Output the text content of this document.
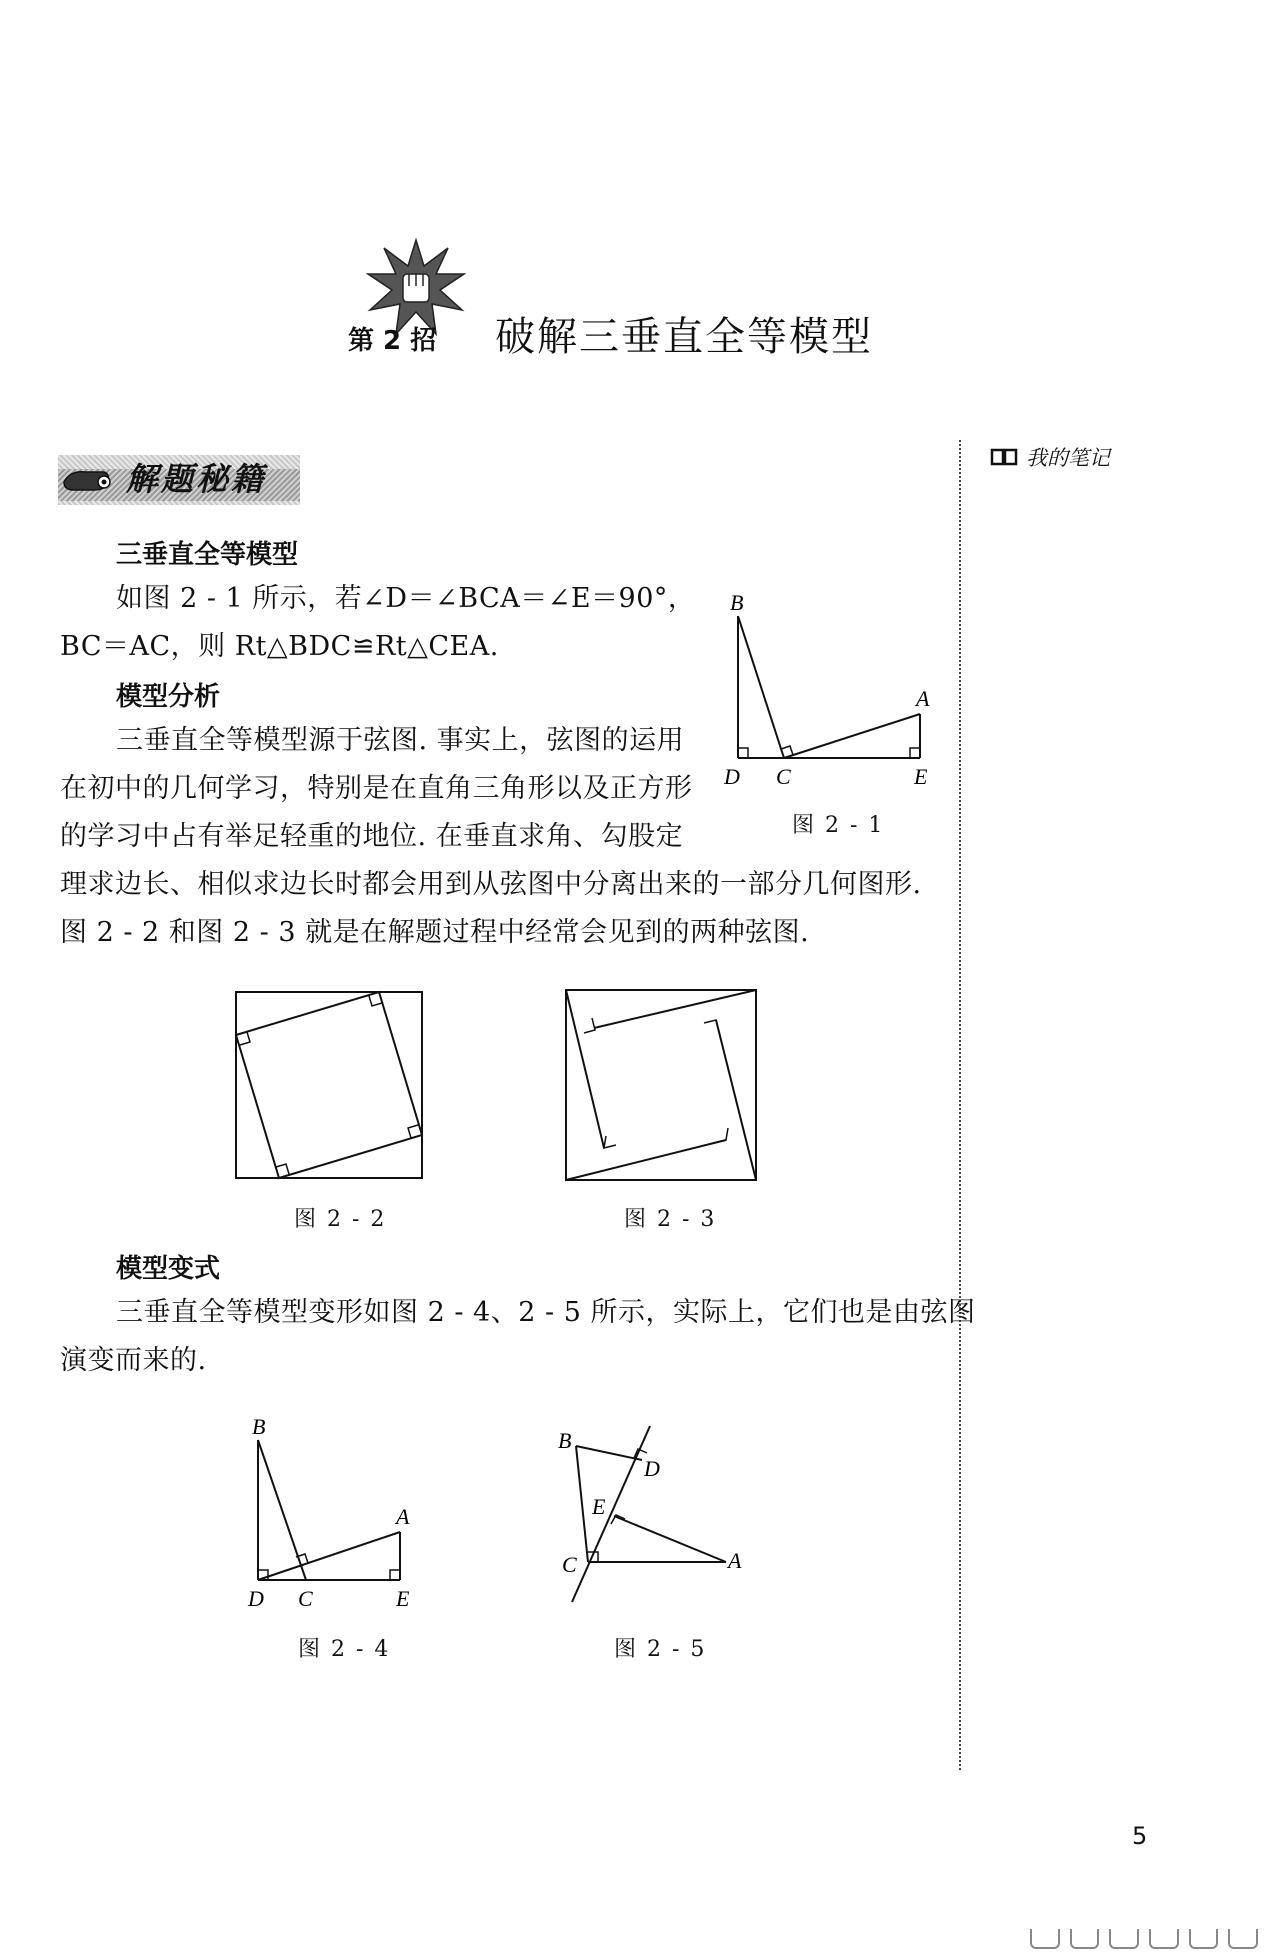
第 2 招 破解三垂直全等模型
我的笔记
解题秘籍
三垂直全等模型
如图 2 - 1 所示，若∠D＝∠BCA＝∠E＝90°，
BC＝AC，则 Rt△BDC≌Rt△CEA.
模型分析
三垂直全等模型源于弦图. 事实上，弦图的运用
在初中的几何学习，特别是在直角三角形以及正方形
的学习中占有举足轻重的地位. 在垂直求角、勾股定
理求边长、相似求边长时都会用到从弦图中分离出来的一部分几何图形.
图 2 - 2 和图 2 - 3 就是在解题过程中经常会见到的两种弦图.
B
A
D C	E
图 2 - 1
图 2 - 2	图 2 - 3
模型变式
三垂直全等模型变形如图 2 - 4、2 - 5 所示，实际上，它们也是由弦图
演变而来的.
B
A
D C	E
图 2 - 4
B
D
E
C	A
图 2 - 5
5
